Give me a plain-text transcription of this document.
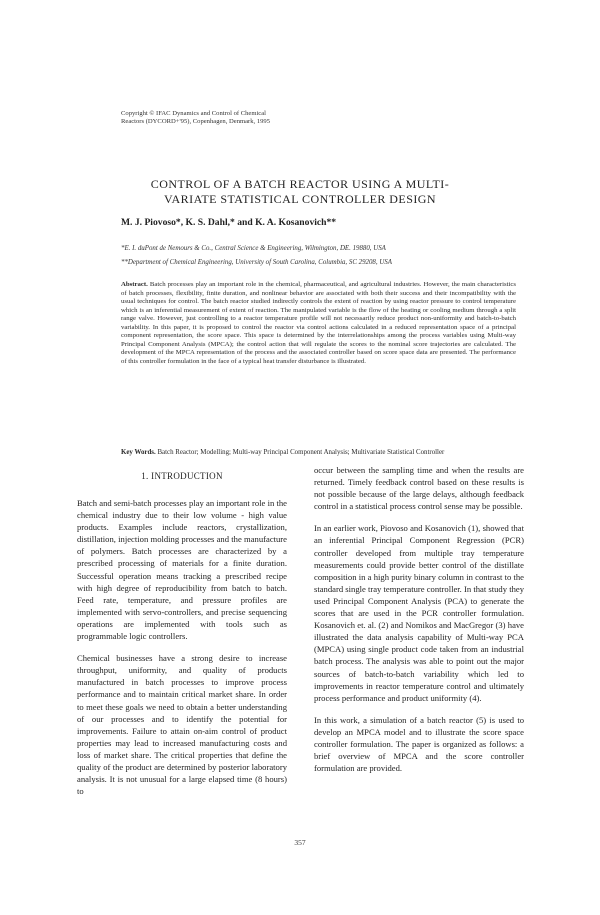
Copyright © IFAC Dynamics and Control of Chemical
Reactors (DYCORD+'95), Copenhagen, Denmark, 1995
CONTROL OF A BATCH REACTOR USING A MULTI-
VARIATE STATISTICAL CONTROLLER DESIGN
M. J. Piovoso*, K. S. Dahl,* and K. A. Kosanovich**
*E. I. duPont de Nemours & Co., Central Science & Engineering, Wilmington, DE. 19880, USA
**Department of Chemical Engineering, University of South Carolina, Columbia, SC 29208, USA
Abstract. Batch processes play an important role in the chemical, pharmaceutical, and agricultural industries. However, the main characteristics of batch processes, flexibility, finite duration, and nonlinear behavior are associated with both their success and their incompatibility with the usual techniques for control. The batch reactor studied indirectly controls the extent of reaction by using reactor pressure to control temperature which is an inferential measurement of extent of reaction. The manipulated variable is the flow of the heating or cooling medium through a split range valve. However, just controlling to a reactor temperature profile will not necessarily reduce product non-uniformity and batch-to-batch variability. In this paper, it is proposed to control the reactor via control actions calculated in a reduced representation space of a principal component representation, the score space. This space is determined by the interrelationships among the process variables using Multi-way Principal Component Analysis (MPCA); the control action that will regulate the scores to the nominal score trajectories are calculated. The development of the MPCA representation of the process and the associated controller based on score space data are presented. The performance of this controller formulation in the face of a typical heat transfer disturbance is illustrated.
Key Words. Batch Reactor; Modelling; Multi-way Principal Component Analysis; Multivariate Statistical Controller
1. INTRODUCTION

Batch and semi-batch processes play an important role in the chemical industry due to their low volume - high value products. Examples include reactors, crystallization, distillation, injection molding processes and the manufacture of polymers. Batch processes are characterized by a prescribed processing of materials for a finite duration. Successful operation means tracking a prescribed recipe with high degree of reproducibility from batch to batch. Feed rate, temperature, and pressure profiles are implemented with servo-controllers, and precise sequencing operations are implemented with tools such as programmable logic controllers.

Chemical businesses have a strong desire to increase throughput, uniformity, and quality of products manufactured in batch processes to improve process performance and to maintain critical market share. In order to meet these goals we need to obtain a better understanding of our processes and to identify the potential for improvements. Failure to attain on-aim control of product properties may lead to increased manufacturing costs and loss of market share. The critical properties that define the quality of the product are determined by posterior laboratory analysis. It is not unusual for a large elapsed time (8 hours) to

occur between the sampling time and when the results are returned. Timely feedback control based on these results is not possible because of the large delays, although feedback control in a statistical process control sense may be possible.

In an earlier work, Piovoso and Kosanovich (1), showed that an inferential Principal Component Regression (PCR) controller developed from multiple tray temperature measurements could provide better control of the distillate composition in a high purity binary column in contrast to the standard single tray temperature controller. In that study they used Principal Component Analysis (PCA) to generate the scores that are used in the PCR controller formulation. Kosanovich et. al. (2) and Nomikos and MacGregor (3) have illustrated the data analysis capability of Multi-way PCA (MPCA) using single product code taken from an industrial batch process. The analysis was able to point out the major sources of batch-to-batch variability which led to improvements in reactor temperature control and ultimately process performance and product uniformity (4).

In this work, a simulation of a batch reactor (5) is used to develop an MPCA model and to illustrate the score space controller formulation. The paper is organized as follows: a brief overview of MPCA and the score controller formulation are provided.

357
